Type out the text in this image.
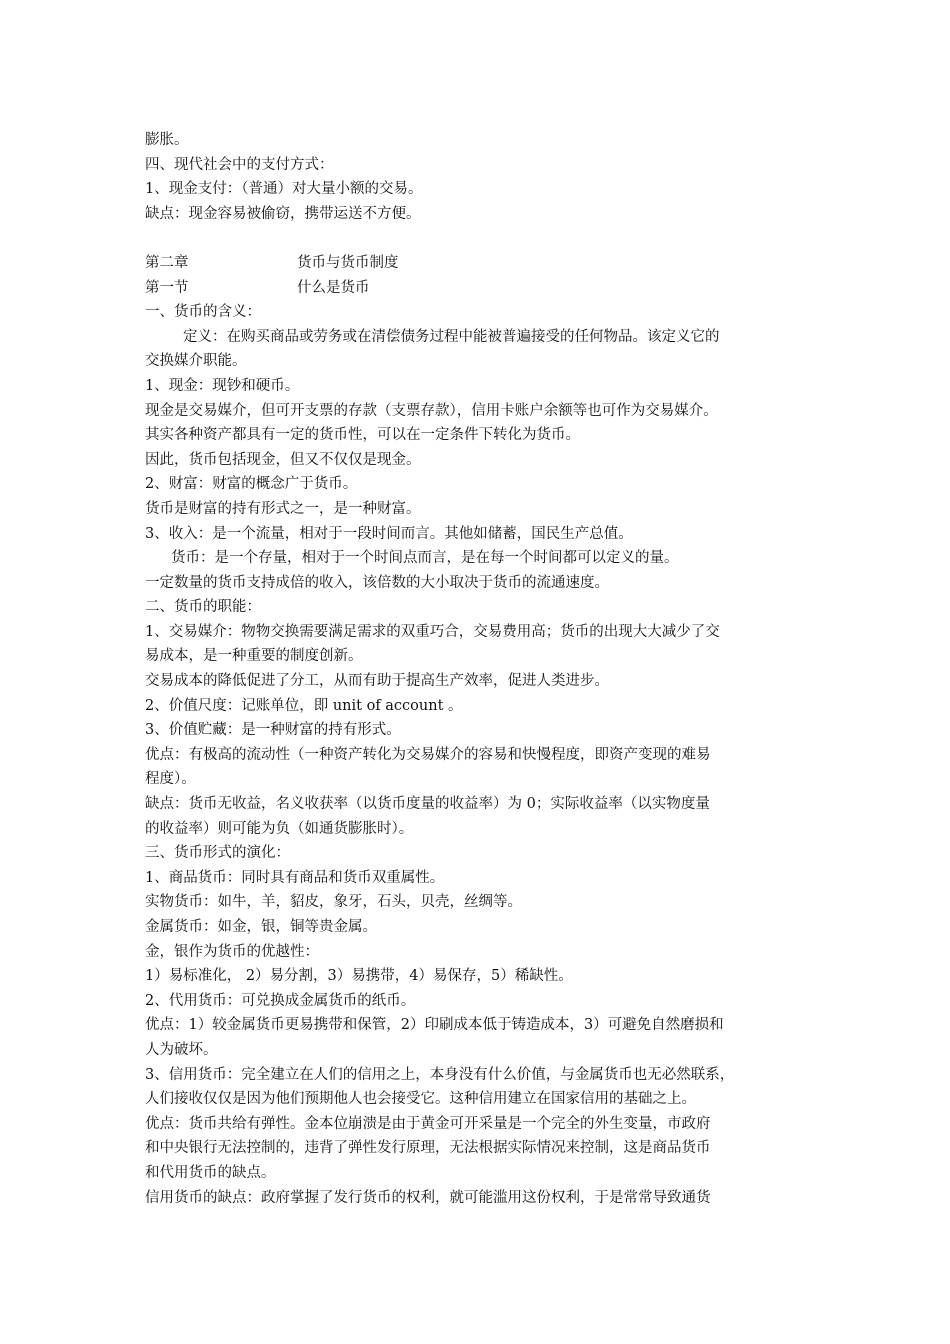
膨胀。
四、现代社会中的支付方式：
1、现金支付：（普通）对大量小额的交易。
缺点：现金容易被偷窃，携带运送不方便。
第二章	货币与货币制度
第一节	什么是货币
一、货币的含义：
定义：在购买商品或劳务或在清偿债务过程中能被普遍接受的任何物品。该定义它的
交换媒介职能。
1、现金：现钞和硬币。
现金是交易媒介，但可开支票的存款（支票存款），信用卡账户余额等也可作为交易媒介。
其实各种资产都具有一定的货币性，可以在一定条件下转化为货币。
因此，货币包括现金，但又不仅仅是现金。
2、财富：财富的概念广于货币。
货币是财富的持有形式之一，是一种财富。
3、收入：是一个流量，相对于一段时间而言。其他如储蓄，国民生产总值。
货币：是一个存量，相对于一个时间点而言，是在每一个时间都可以定义的量。
一定数量的货币支持成倍的收入，该倍数的大小取决于货币的流通速度。
二、货币的职能：
1、交易媒介：物物交换需要满足需求的双重巧合，交易费用高；货币的出现大大减少了交
易成本，是一种重要的制度创新。
交易成本的降低促进了分工，从而有助于提高生产效率，促进人类进步。
2、价值尺度：记账单位，即 unit of account 。
3、价值贮藏：是一种财富的持有形式。
优点：有极高的流动性（一种资产转化为交易媒介的容易和快慢程度，即资产变现的难易
程度）。
缺点：货币无收益，名义收获率（以货币度量的收益率）为 0；实际收益率（以实物度量
的收益率）则可能为负（如通货膨胀时）。
三、货币形式的演化：
1、商品货币：同时具有商品和货币双重属性。
实物货币：如牛，羊，貂皮，象牙，石头，贝壳，丝绸等。
金属货币：如金，银，铜等贵金属。
金，银作为货币的优越性：
1）易标准化， 2）易分割，3）易携带，4）易保存，5）稀缺性。
2、代用货币：可兑换成金属货币的纸币。
优点：1）较金属货币更易携带和保管，2）印刷成本低于铸造成本，3）可避免自然磨损和
人为破坏。
3、信用货币：完全建立在人们的信用之上，本身没有什么价值，与金属货币也无必然联系，
人们接收仅仅是因为他们预期他人也会接受它。这种信用建立在国家信用的基础之上。
优点：货币共给有弹性。金本位崩溃是由于黄金可开采量是一个完全的外生变量，市政府
和中央银行无法控制的，违背了弹性发行原理，无法根据实际情况来控制，这是商品货币
和代用货币的缺点。
信用货币的缺点：政府掌握了发行货币的权利，就可能滥用这份权利，于是常常导致通货
